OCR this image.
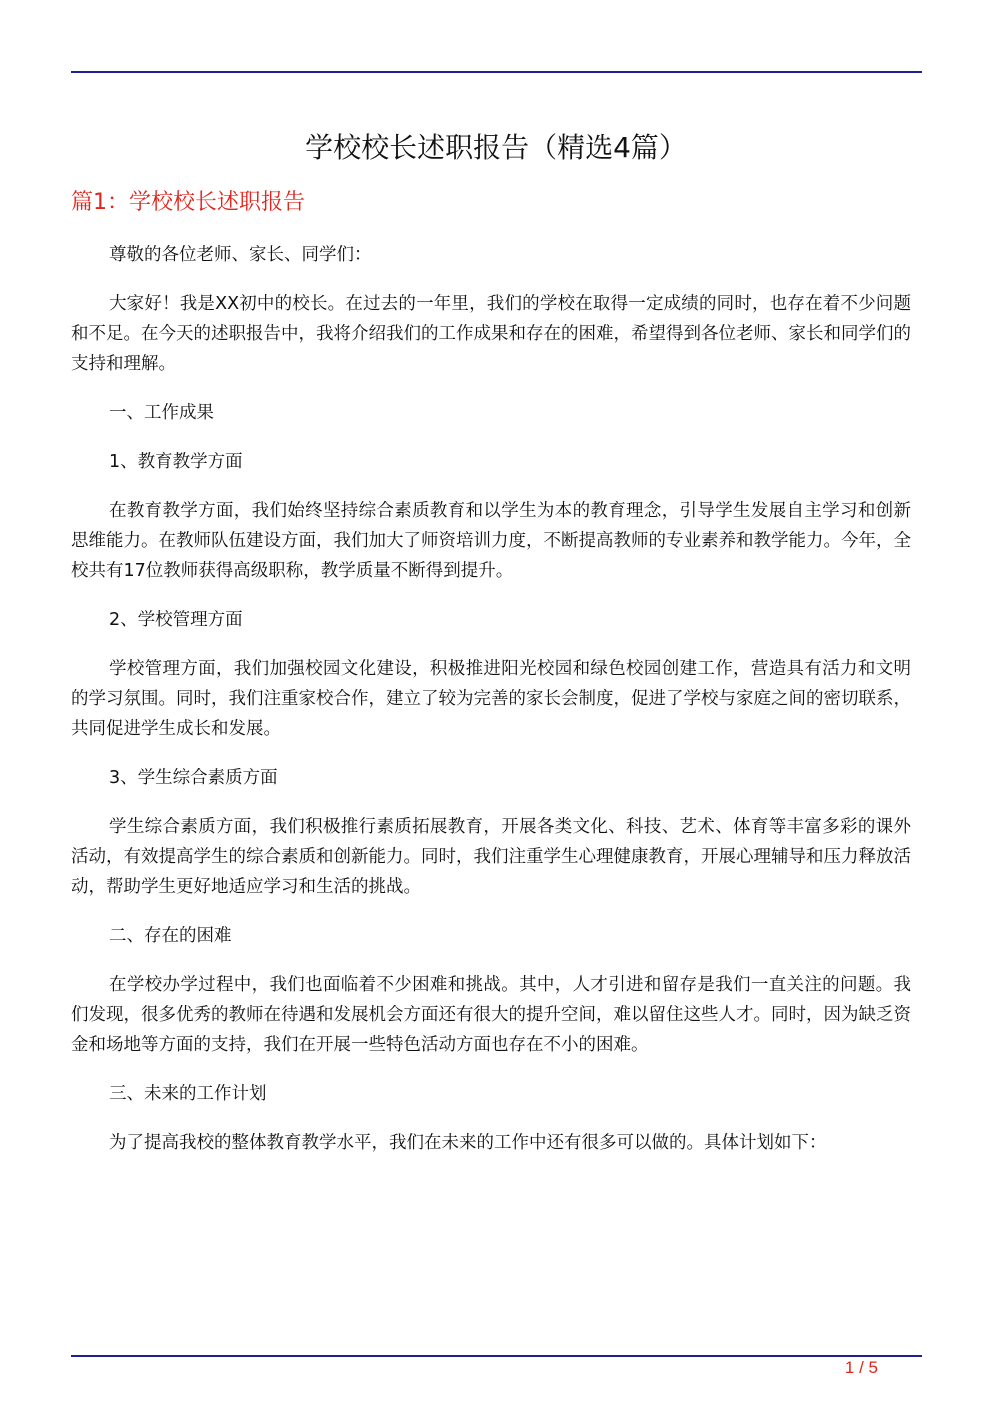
学校校长述职报告（精选4篇）
篇1：学校校长述职报告

尊敬的各位老师、家长、同学们：

大家好！我是XX初中的校长。在过去的一年里，我们的学校在取得一定成绩的同时，也存在着不少问题和不足。在今天的述职报告中，我将介绍我们的工作成果和存在的困难，希望得到各位老师、家长和同学们的支持和理解。

一、工作成果

1、教育教学方面

在教育教学方面，我们始终坚持综合素质教育和以学生为本的教育理念，引导学生发展自主学习和创新思维能力。在教师队伍建设方面，我们加大了师资培训力度，不断提高教师的专业素养和教学能力。今年，全校共有17位教师获得高级职称，教学质量不断得到提升。

2、学校管理方面

学校管理方面，我们加强校园文化建设，积极推进阳光校园和绿色校园创建工作，营造具有活力和文明的学习氛围。同时，我们注重家校合作，建立了较为完善的家长会制度，促进了学校与家庭之间的密切联系，共同促进学生成长和发展。

3、学生综合素质方面

学生综合素质方面，我们积极推行素质拓展教育，开展各类文化、科技、艺术、体育等丰富多彩的课外活动，有效提高学生的综合素质和创新能力。同时，我们注重学生心理健康教育，开展心理辅导和压力释放活动，帮助学生更好地适应学习和生活的挑战。

二、存在的困难

在学校办学过程中，我们也面临着不少困难和挑战。其中，人才引进和留存是我们一直关注的问题。我们发现，很多优秀的教师在待遇和发展机会方面还有很大的提升空间，难以留住这些人才。同时，因为缺乏资金和场地等方面的支持，我们在开展一些特色活动方面也存在不小的困难。

三、未来的工作计划

为了提高我校的整体教育教学水平，我们在未来的工作中还有很多可以做的。具体计划如下：

1 / 5
